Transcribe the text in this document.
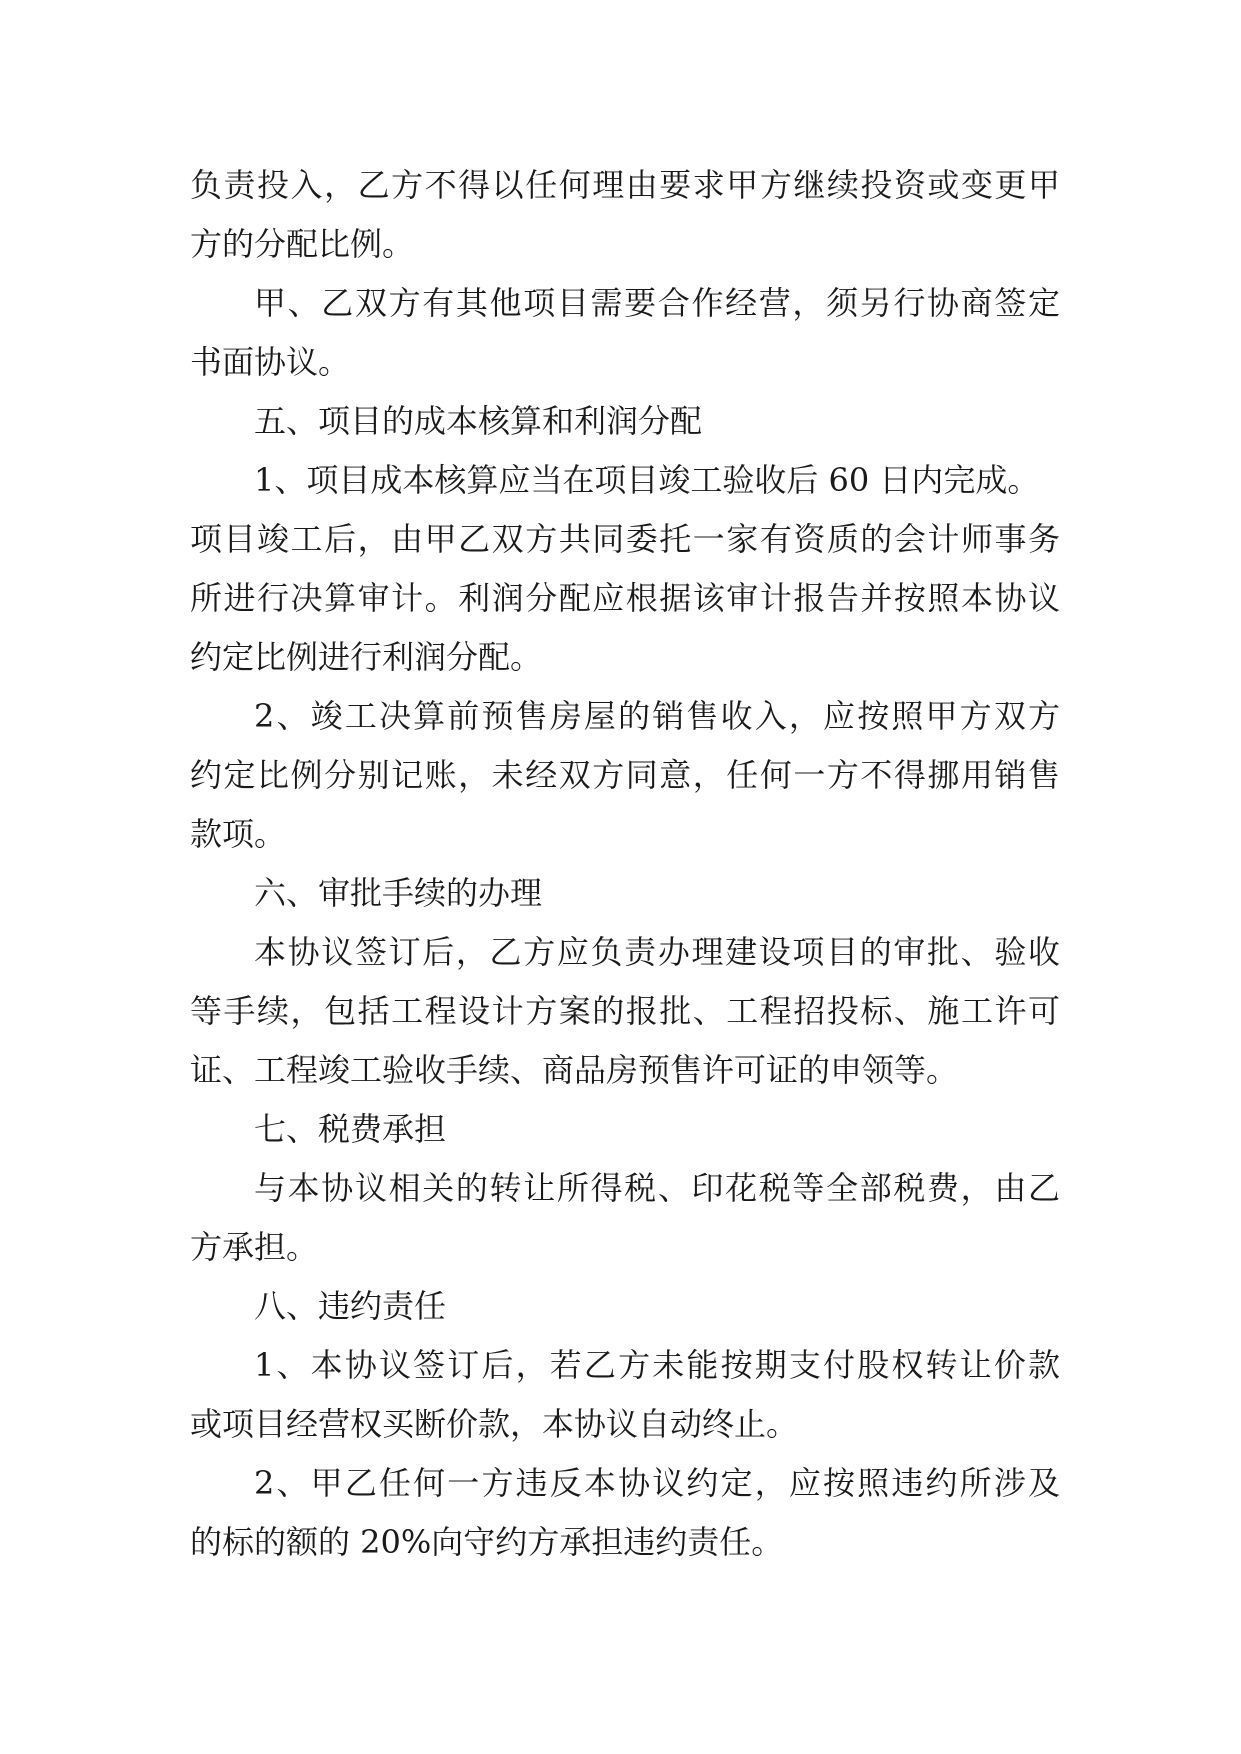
负责投入，乙方不得以任何理由要求甲方继续投资或变更甲
方的分配比例。
甲、乙双方有其他项目需要合作经营，须另行协商签定
书面协议。
五、项目的成本核算和利润分配
1、项目成本核算应当在项目竣工验收后 60 日内完成。
项目竣工后，由甲乙双方共同委托一家有资质的会计师事务
所进行决算审计。利润分配应根据该审计报告并按照本协议
约定比例进行利润分配。
2、竣工决算前预售房屋的销售收入，应按照甲方双方
约定比例分别记账，未经双方同意，任何一方不得挪用销售
款项。
六、审批手续的办理
本协议签订后，乙方应负责办理建设项目的审批、验收
等手续，包括工程设计方案的报批、工程招投标、施工许可
证、工程竣工验收手续、商品房预售许可证的申领等。
七、税费承担
与本协议相关的转让所得税、印花税等全部税费，由乙
方承担。
八、违约责任
1、本协议签订后，若乙方未能按期支付股权转让价款
或项目经营权买断价款，本协议自动终止。
2、甲乙任何一方违反本协议约定，应按照违约所涉及
的标的额的 20%向守约方承担违约责任。
